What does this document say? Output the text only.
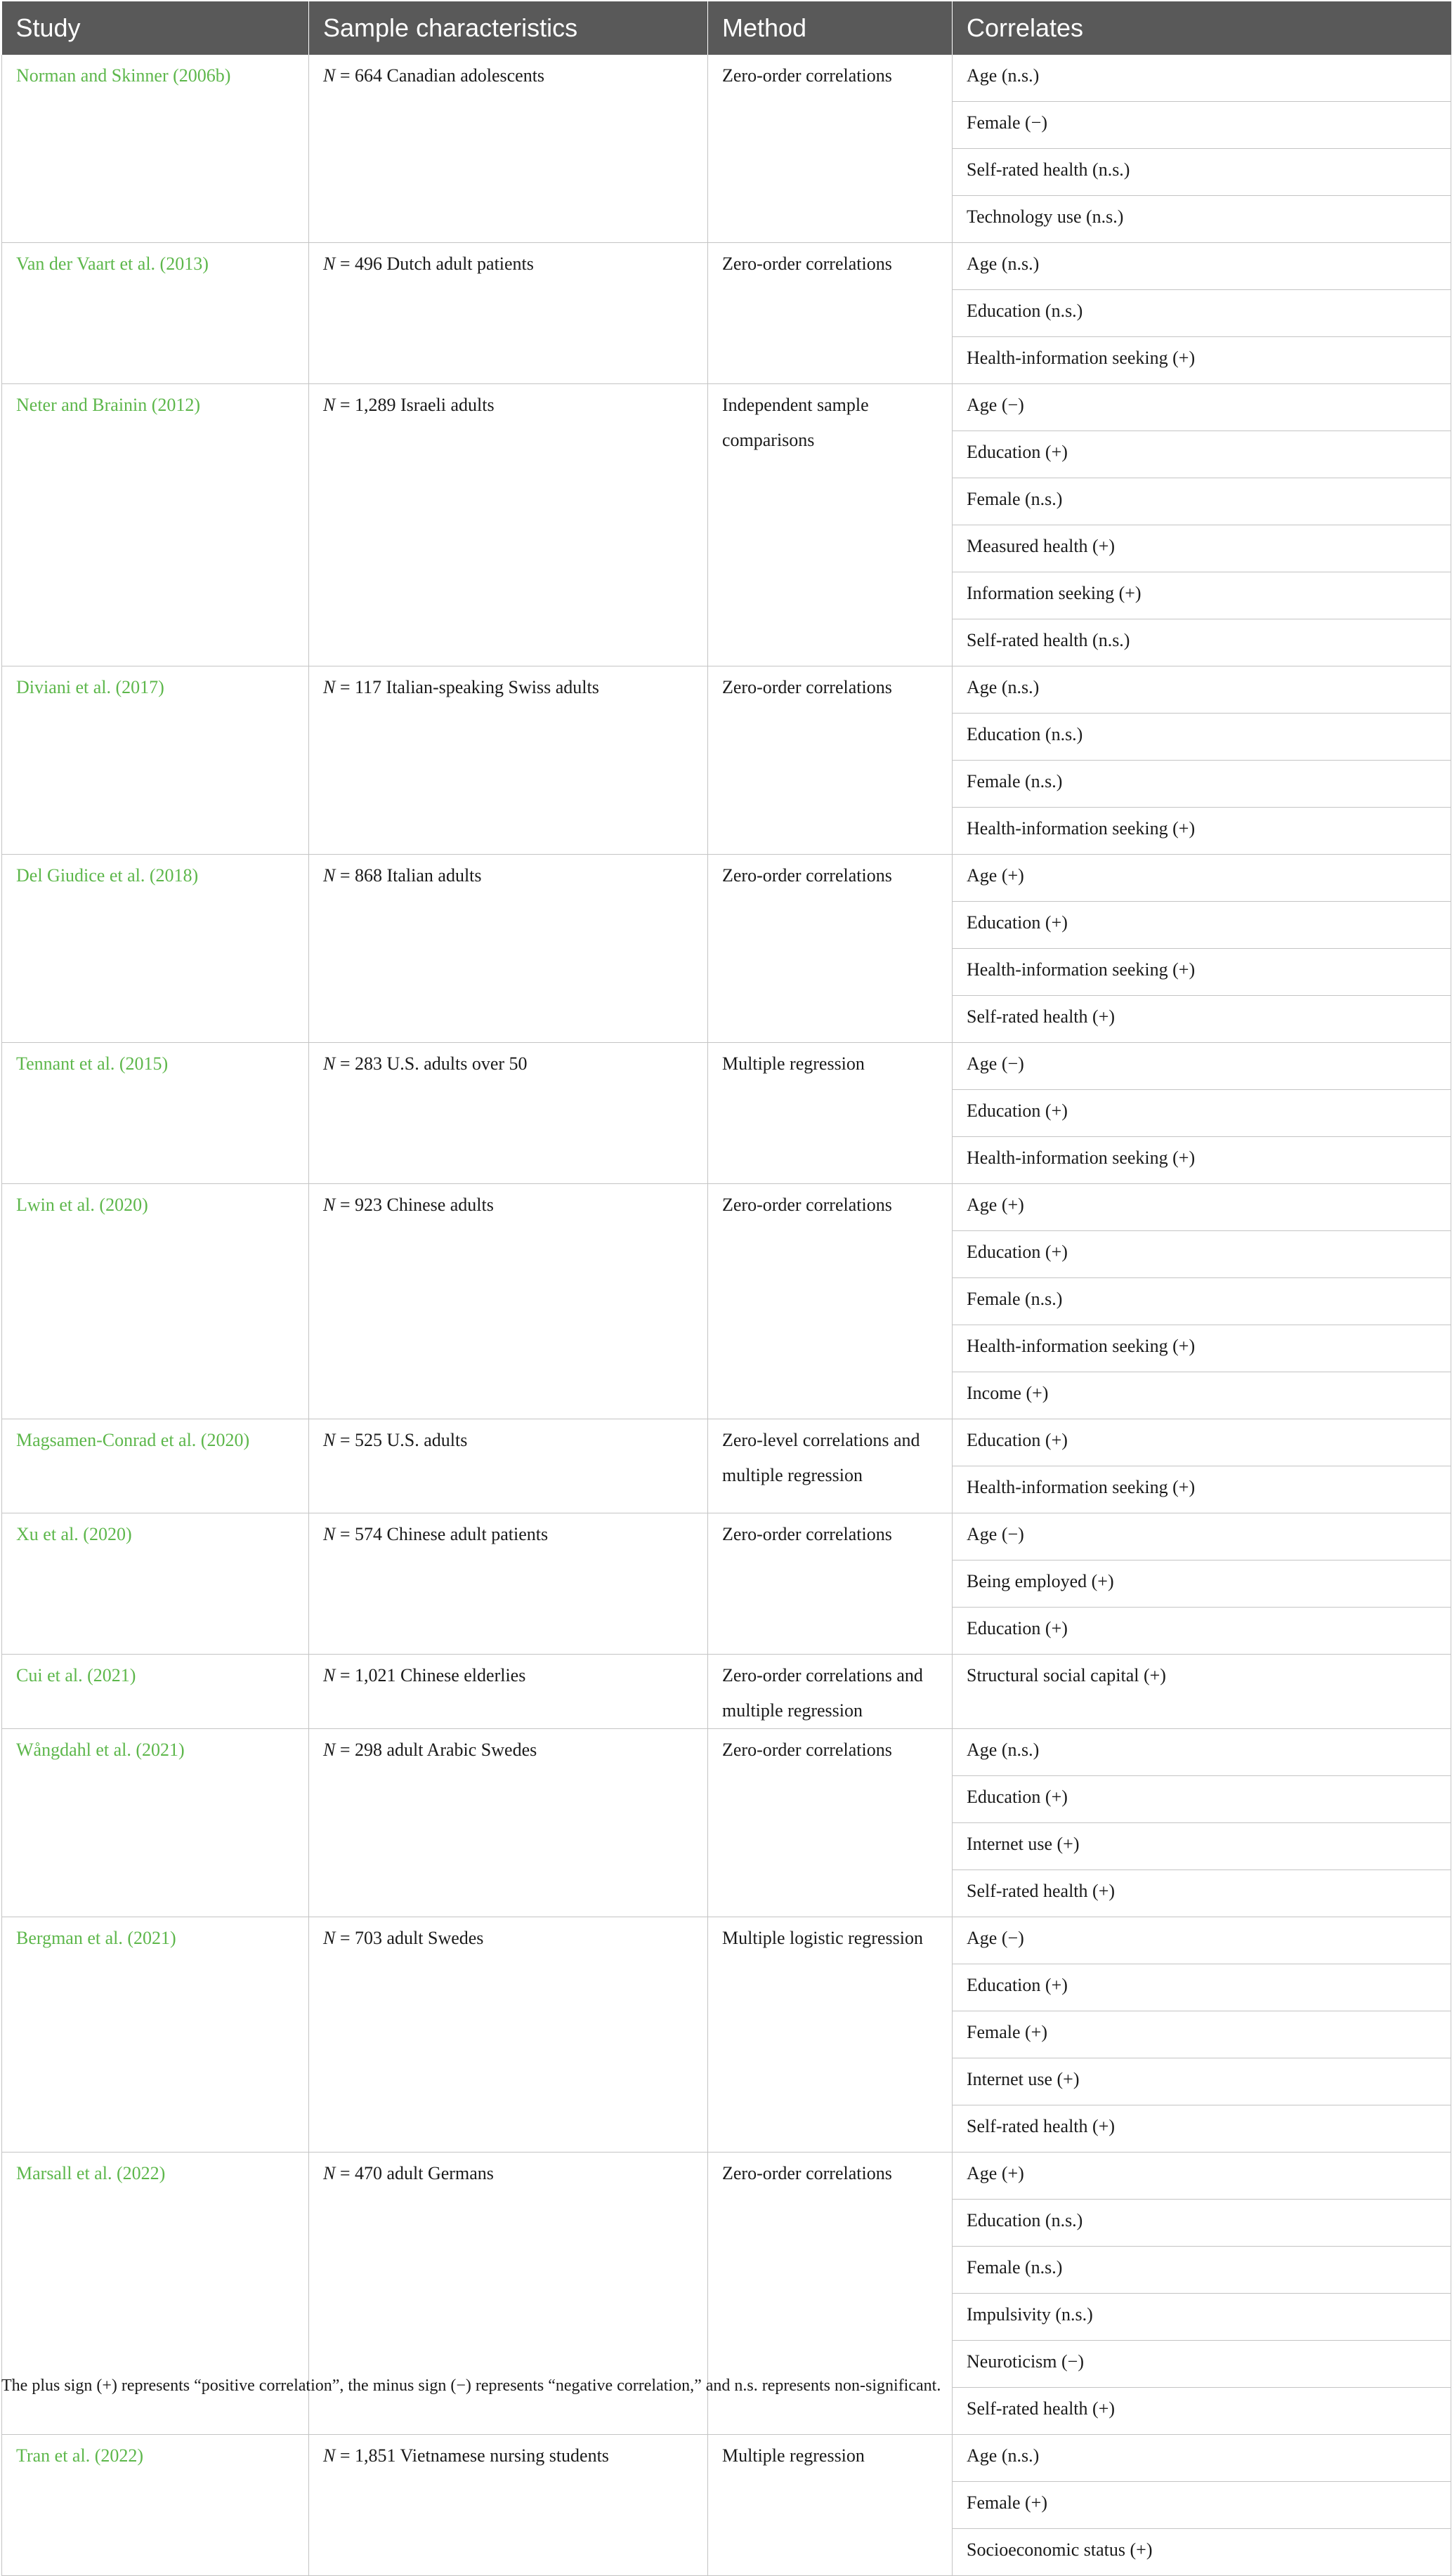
Study	Sample characteristics	Method	Correlates
Norman and Skinner (2006b)	N = 664 Canadian adolescents	Zero-order correlations	Age (n.s.)
			Female (−)
			Self-rated health (n.s.)
			Technology use (n.s.)
Van der Vaart et al. (2013)	N = 496 Dutch adult patients	Zero-order correlations	Age (n.s.)
			Education (n.s.)
			Health-information seeking (+)
Neter and Brainin (2012)	N = 1,289 Israeli adults	Independent sample comparisons	Age (−)
			Education (+)
			Female (n.s.)
			Measured health (+)
			Information seeking (+)
			Self-rated health (n.s.)
Diviani et al. (2017)	N = 117 Italian-speaking Swiss adults	Zero-order correlations	Age (n.s.)
			Education (n.s.)
			Female (n.s.)
			Health-information seeking (+)
Del Giudice et al. (2018)	N = 868 Italian adults	Zero-order correlations	Age (+)
			Education (+)
			Health-information seeking (+)
			Self-rated health (+)
Tennant et al. (2015)	N = 283 U.S. adults over 50	Multiple regression	Age (−)
			Education (+)
			Health-information seeking (+)
Lwin et al. (2020)	N = 923 Chinese adults	Zero-order correlations	Age (+)
			Education (+)
			Female (n.s.)
			Health-information seeking (+)
			Income (+)
Magsamen-Conrad et al. (2020)	N = 525 U.S. adults	Zero-level correlations and multiple regression	Education (+)
			Health-information seeking (+)
Xu et al. (2020)	N = 574 Chinese adult patients	Zero-order correlations	Age (−)
			Being employed (+)
			Education (+)
Cui et al. (2021)	N = 1,021 Chinese elderlies	Zero-order correlations and multiple regression	Structural social capital (+)
Wångdahl et al. (2021)	N = 298 adult Arabic Swedes	Zero-order correlations	Age (n.s.)
			Education (+)
			Internet use (+)
			Self-rated health (+)
Bergman et al. (2021)	N = 703 adult Swedes	Multiple logistic regression	Age (−)
			Education (+)
			Female (+)
			Internet use (+)
			Self-rated health (+)
Marsall et al. (2022)	N = 470 adult Germans	Zero-order correlations	Age (+)
			Education (n.s.)
			Female (n.s.)
			Impulsivity (n.s.)
			Neuroticism (−)
			Self-rated health (+)
Tran et al. (2022)	N = 1,851 Vietnamese nursing students	Multiple regression	Age (n.s.)
			Female (+)
			Socioeconomic status (+)
The plus sign (+) represents “positive correlation”, the minus sign (−) represents “negative correlation,” and n.s. represents non-significant.
